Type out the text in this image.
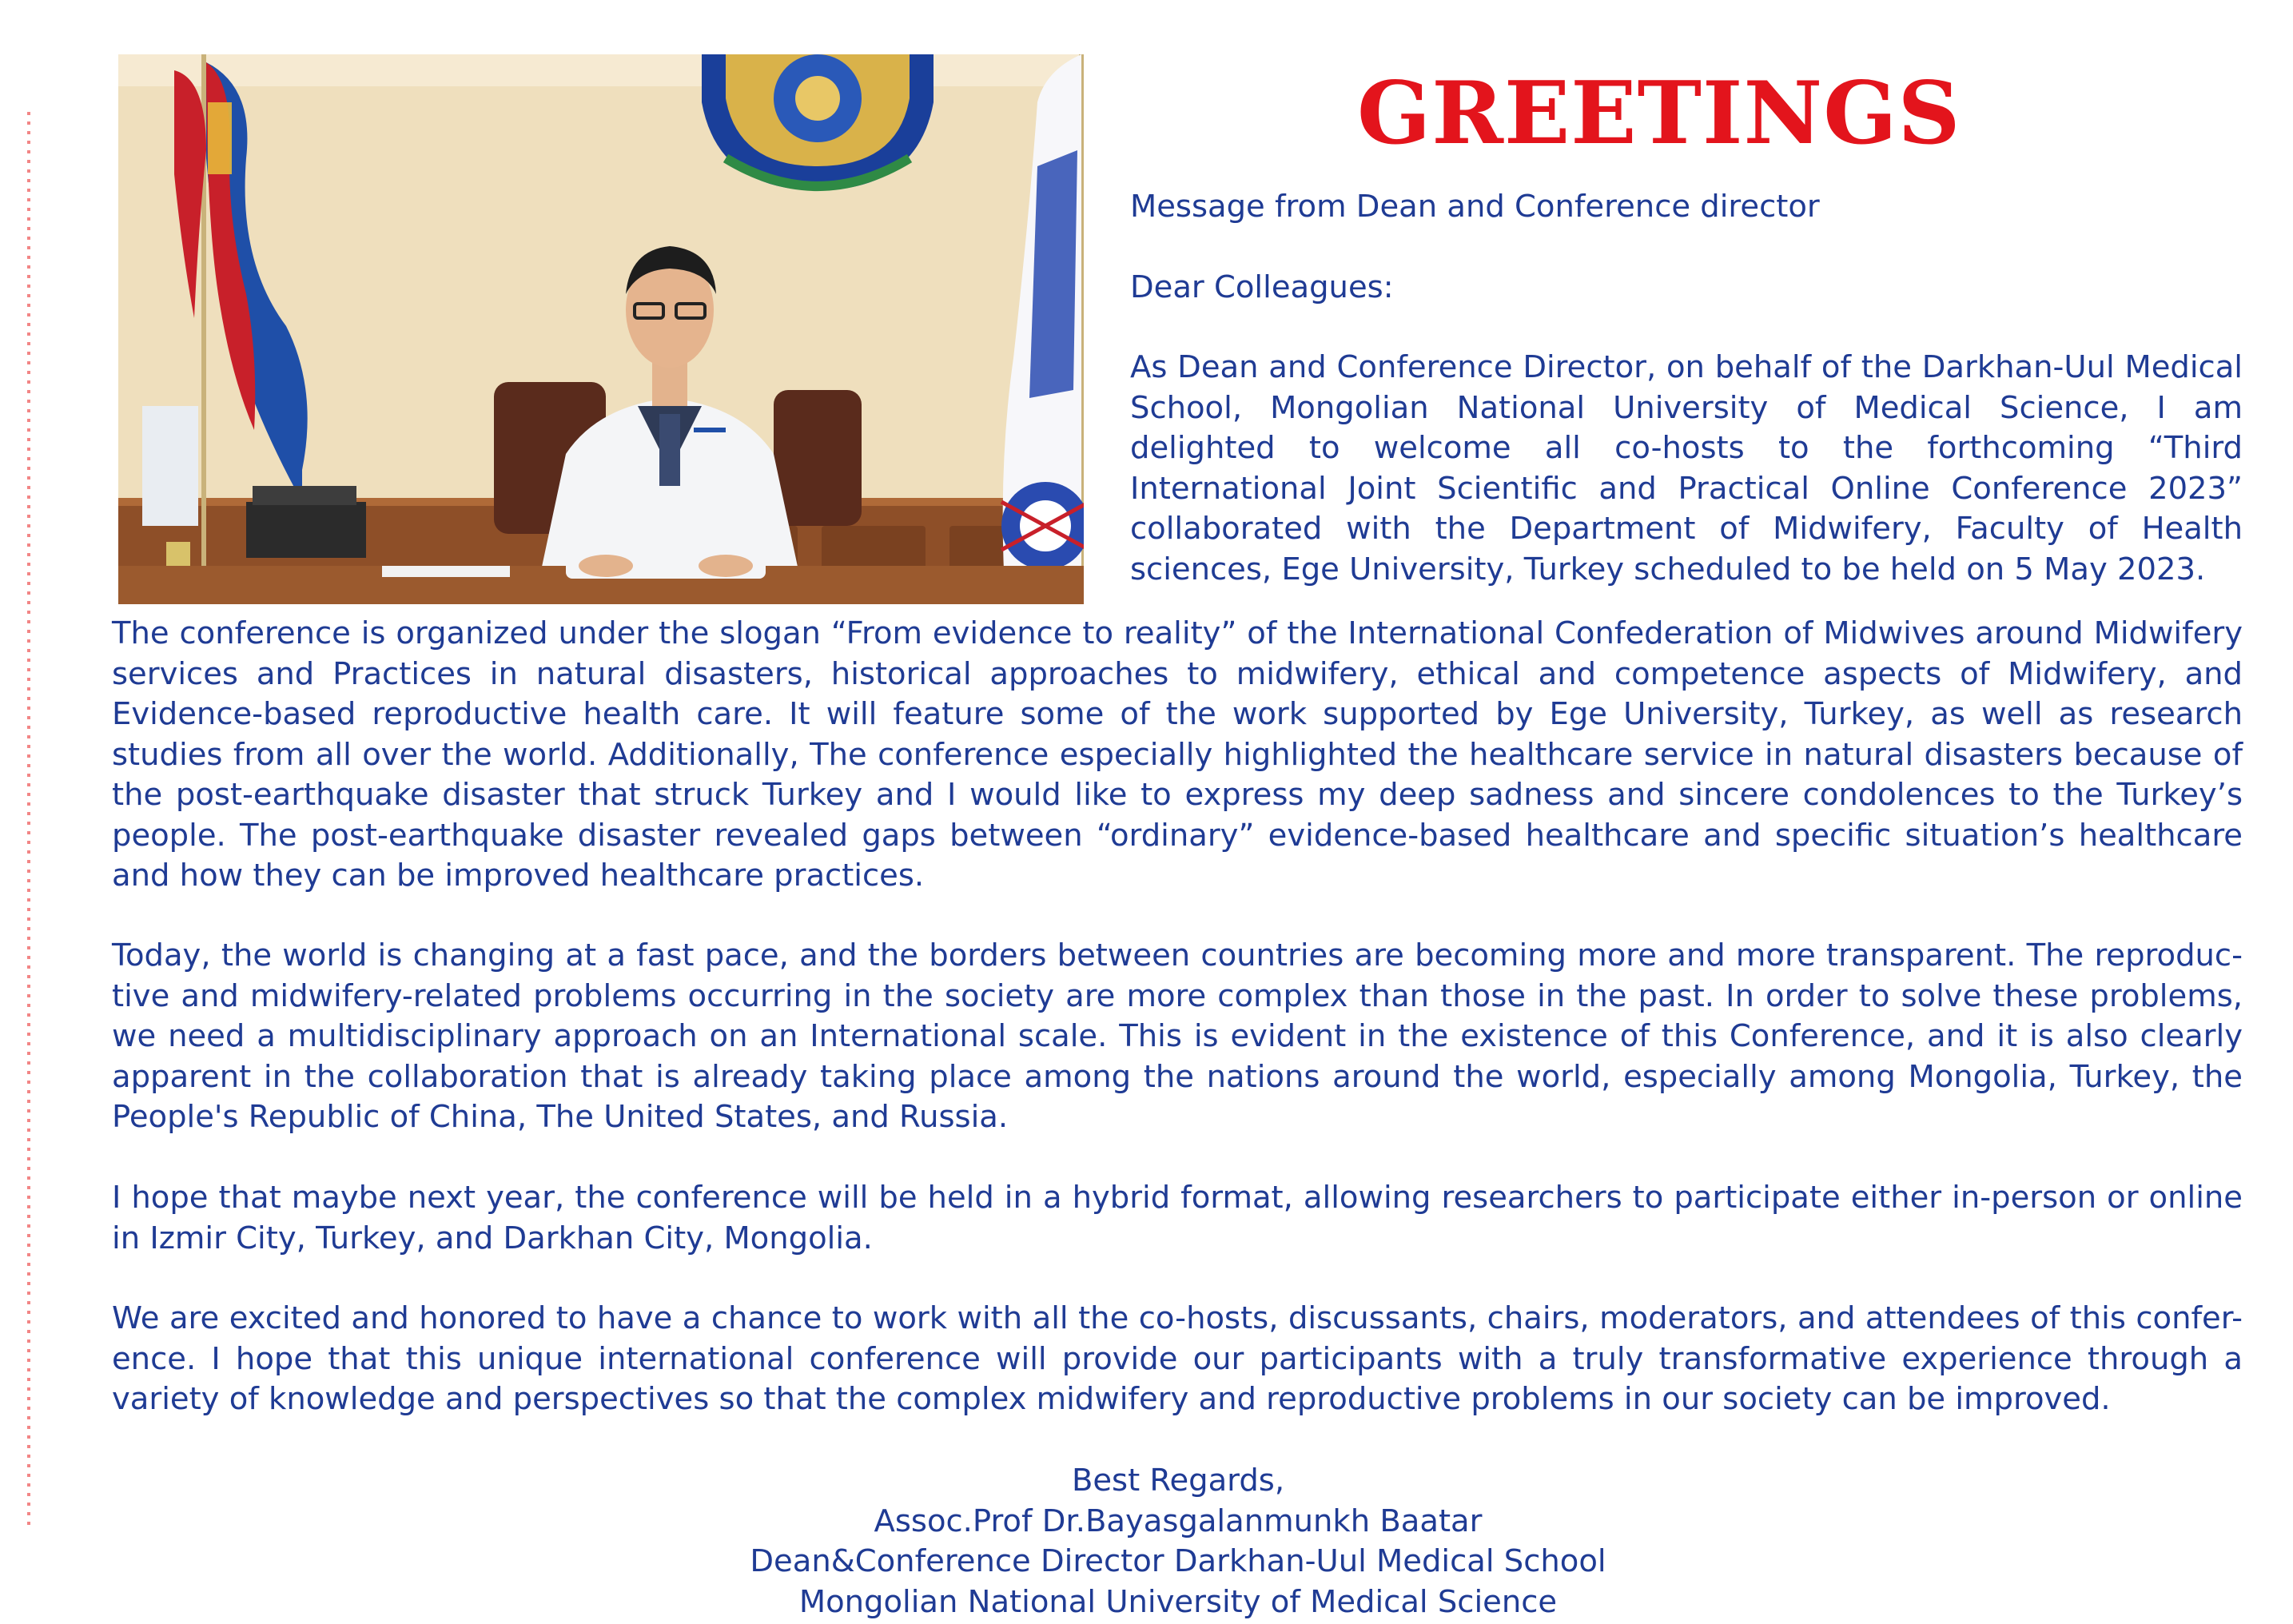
GREETINGS

Message from Dean and Conference director

Dear Colleagues:

As Dean and Conference Director, on behalf of the Darkhan-Uul Medical School, Mongolian National University of Medical Science, I am delighted to welcome all co-hosts to the forthcoming “Third International Joint Scientific and Practical Online Conference 2023” collaborated with the Department of Midwifery, Faculty of Health sciences, Ege University, Turkey scheduled to be held on 5 May 2023.

The conference is organized under the slogan “From evidence to reality” of the International Confederation of Midwives around Midwifery services and Practices in natural disasters, historical approaches to midwifery, ethical and competence aspects of Midwifery, and Evidence-based reproductive health care. It will feature some of the work supported by Ege University, Turkey, as well as research studies from all over the world. Additionally, The conference especially highlighted the healthcare service in natural disasters because of the post-earthquake disaster that struck Turkey and I would like to express my deep sadness and sincere condolences to the Turkey’s people. The post-earthquake disaster revealed gaps between “ordinary” evidence-based healthcare and specific situation’s healthcare and how they can be improved healthcare practices.

Today, the world is changing at a fast pace, and the borders between countries are becoming more and more transparent. The reproduc-tive and midwifery-related problems occurring in the society are more complex than those in the past. In order to solve these problems, we need a multidisciplinary approach on an International scale. This is evident in the existence of this Conference, and it is also clearly apparent in the collaboration that is already taking place among the nations around the world, especially among Mongolia, Turkey, the People's Republic of China, The United States, and Russia.

I hope that maybe next year, the conference will be held in a hybrid format, allowing researchers to participate either in-person or online in Izmir City, Turkey, and Darkhan City, Mongolia.

We are excited and honored to have a chance to work with all the co-hosts, discussants, chairs, moderators, and attendees of this confer-ence. I hope that this unique international conference will provide our participants with a truly transformative experience through a variety of knowledge and perspectives so that the complex midwifery and reproductive problems in our society can be improved.

Best Regards,
Assoc.Prof Dr.Bayasgalanmunkh Baatar
Dean&Conference Director Darkhan-Uul Medical School
Mongolian National University of Medical Science
